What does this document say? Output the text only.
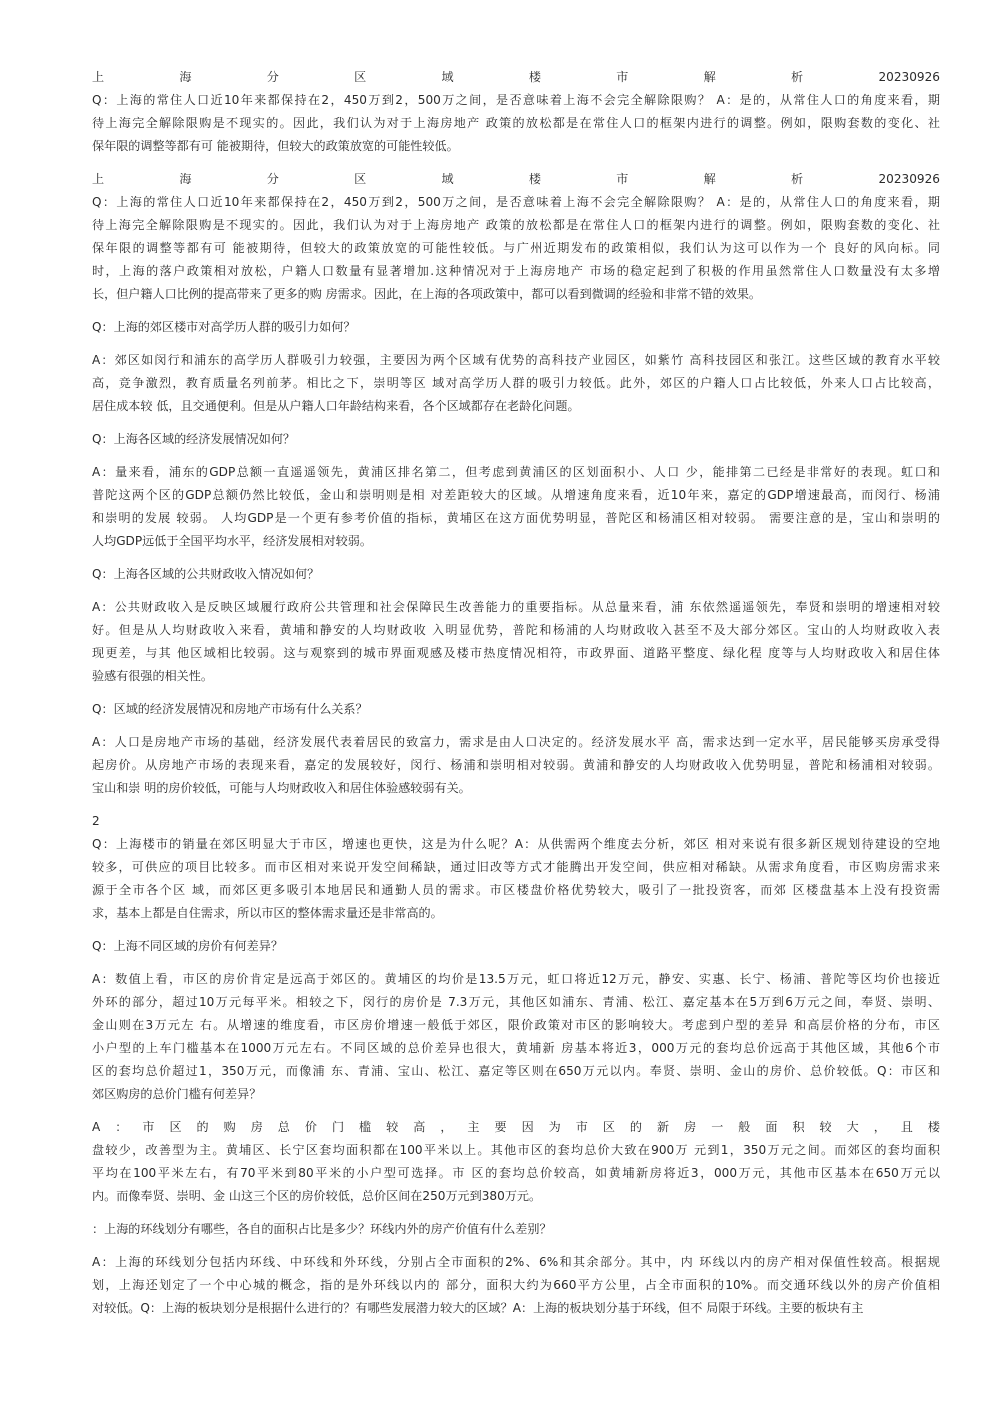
上海分区域楼市解析20230926
Q：上海的常住人口近10年来都保持在2，450万到2，500万之间，是否意味着上海不会完全解除限购？ A：是的，从常住人口的角度来看，期
待上海完全解除限购是不现实的。因此，我们认为对于上海房地产 政策的放松都是在常住人口的框架内进行的调整。例如，限购套数的变化、社
保年限的调整等都有可 能被期待，但较大的政策放宽的可能性较低。
上海分区域楼市解析20230926
Q：上海的常住人口近10年来都保持在2，450万到2，500万之间，是否意味着上海不会完全解除限购？ A：是的，从常住人口的角度来看，期
待上海完全解除限购是不现实的。因此，我们认为对于上海房地产 政策的放松都是在常住人口的框架内进行的调整。例如，限购套数的变化、社
保年限的调整等都有可 能被期待，但较大的政策放宽的可能性较低。与广州近期发布的政策相似，我们认为这可以作为一个 良好的风向标。同
时，上海的落户政策相对放松，户籍人口数量有显著增加.这种情况对于上海房地产 市场的稳定起到了积极的作用虽然常住人口数量没有太多增
长，但户籍人口比例的提高带来了更多的购 房需求。因此，在上海的各项政策中，都可以看到微调的经验和非常不错的效果。
Q：上海的郊区楼市对高学历人群的吸引力如何？
A：郊区如闵行和浦东的高学历人群吸引力较强，主要因为两个区域有优势的高科技产业园区，如紫竹 高科技园区和张江。这些区域的教育水平较
高，竞争激烈，教育质量名列前茅。相比之下，崇明等区 域对高学历人群的吸引力较低。此外，郊区的户籍人口占比较低，外来人口占比较高，
居住成本较 低，且交通便利。但是从户籍人口年龄结构来看，各个区域都存在老龄化问题。
Q：上海各区域的经济发展情况如何？
A：量来看，浦东的GDP总额一直遥遥领先，黄浦区排名第二，但考虑到黄浦区的区划面积小、人口 少，能排第二已经是非常好的表现。虹口和
普陀这两个区的GDP总额仍然比较低，金山和崇明则是相 对差距较大的区域。从增速角度来看，近10年来，嘉定的GDP增速最高，而闵行、杨浦
和崇明的发展 较弱。 人均GDP是一个更有参考价值的指标，黄埔区在这方面优势明显，普陀区和杨浦区相对较弱。 需要注意的是，宝山和崇明的
人均GDP远低于全国平均水平，经济发展相对较弱。
Q：上海各区域的公共财政收入情况如何？
A：公共财政收入是反映区域履行政府公共管理和社会保障民生改善能力的重要指标。从总量来看，浦 东依然遥遥领先，奉贤和崇明的增速相对较
好。但是从人均财政收入来看，黄埔和静安的人均财政收 入明显优势，普陀和杨浦的人均财政收入甚至不及大部分郊区。宝山的人均财政收入表
现更差，与其 他区域相比较弱。这与观察到的城市界面观感及楼市热度情况相符，市政界面、道路平整度、绿化程 度等与人均财政收入和居住体
验感有很强的相关性。
Q：区域的经济发展情况和房地产市场有什么关系？
A：人口是房地产市场的基础，经济发展代表着居民的致富力，需求是由人口决定的。经济发展水平 高，需求达到一定水平，居民能够买房承受得
起房价。从房地产市场的表现来看，嘉定的发展较好，闵行、杨浦和崇明相对较弱。黄浦和静安的人均财政收入优势明显，普陀和杨浦相对较弱。
宝山和崇 明的房价较低，可能与人均财政收入和居住体验感较弱有关。
2
Q：上海楼市的销量在郊区明显大于市区，增速也更快，这是为什么呢？A：从供需两个维度去分析，郊区 相对来说有很多新区规划待建设的空地
较多，可供应的项目比较多。而市区相对来说开发空间稀缺，通过旧改等方式才能腾出开发空间，供应相对稀缺。从需求角度看，市区购房需求来
源于全市各个区 域，而郊区更多吸引本地居民和通勤人员的需求。市区楼盘价格优势较大，吸引了一批投资客，而郊 区楼盘基本上没有投资需
求，基本上都是自住需求，所以市区的整体需求量还是非常高的。
Q：上海不同区域的房价有何差异？
A：数值上看，市区的房价肯定是远高于郊区的。黄埔区的均价是13.5万元，虹口将近12万元，静安、实惠、长宁、杨浦、普陀等区均价也接近
外环的部分，超过10万元每平米。相较之下，闵行的房价是 7.3万元，其他区如浦东、青浦、松江、嘉定基本在5万到6万元之间，奉贤、崇明、
金山则在3万元左 右。从增速的维度看，市区房价增速一般低于郊区，限价政策对市区的影响较大。考虑到户型的差异 和高层价格的分布，市区
小户型的上车门槛基本在1000万元左右。不同区域的总价差异也很大，黄埔新 房基本将近3，000万元的套均总价远高于其他区域，其他6个市
区的套均总价超过1，350万元，而像浦 东、青浦、宝山、松江、嘉定等区则在650万元以内。奉贤、崇明、金山的房价、总价较低。Q：市区和
郊区购房的总价门槛有何差异？
A：市区的购房总价门槛较高，主要因为市区的新房一般面积较大，且楼
盘较少，改善型为主。黄埔区、长宁区套均面积都在100平米以上。其他市区的套均总价大致在900万 元到1，350万元之间。而郊区的套均面积
平均在100平米左右，有70平米到80平米的小户型可选择。市 区的套均总价较高，如黄埔新房将近3，000万元，其他市区基本在650万元以
内。而像奉贤、崇明、金 山这三个区的房价较低，总价区间在250万元到380万元。
：上海的环线划分有哪些，各自的面积占比是多少？环线内外的房产价值有什么差别？
A：上海的环线划分包括内环线、中环线和外环线，分别占全市面积的2%、6%和其余部分。其中，内 环线以内的房产相对保值性较高。根据规
划，上海还划定了一个中心城的概念，指的是外环线以内的 部分，面积大约为660平方公里，占全市面积的10%。而交通环线以外的房产价值相
对较低。Q：上海的板块划分是根据什么进行的？有哪些发展潜力较大的区域？A：上海的板块划分基于环线，但不 局限于环线。主要的板块有主
